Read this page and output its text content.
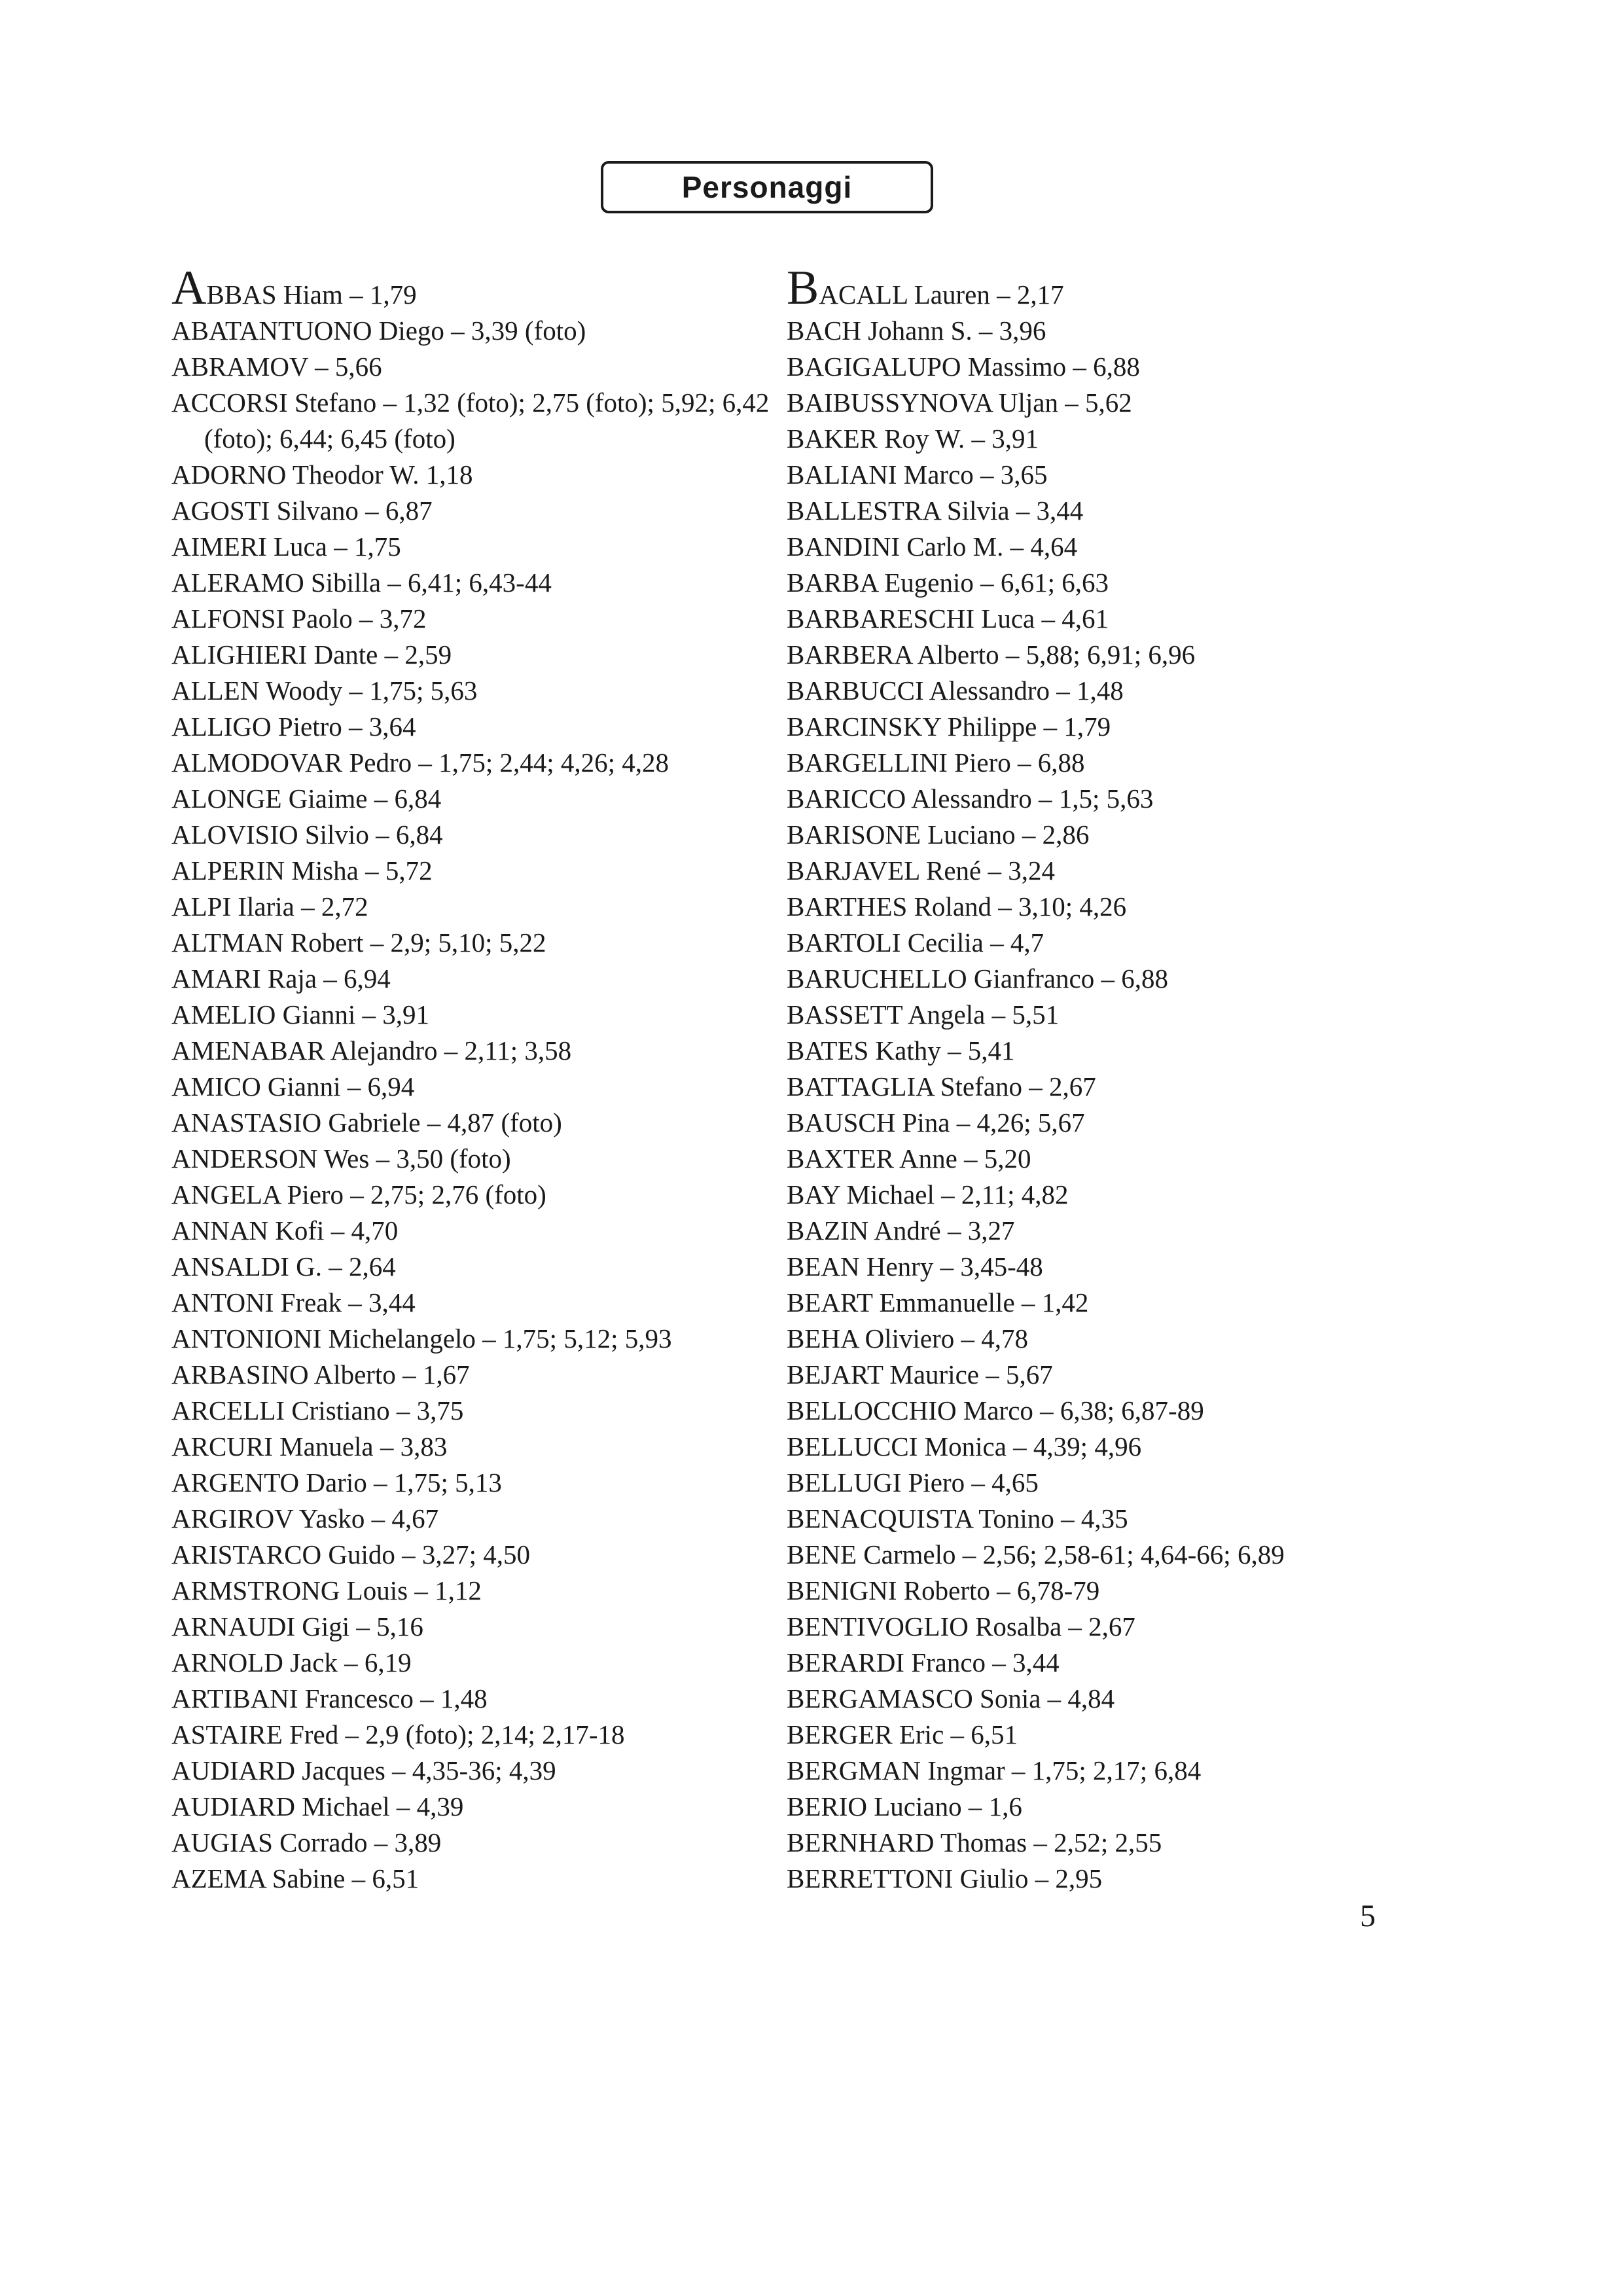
Personaggi

ABBAS Hiam – 1,79

ABATANTUONO Diego – 3,39 (foto)

ABRAMOV – 5,66

ACCORSI Stefano – 1,32 (foto); 2,75 (foto); 5,92; 6,42 (foto); 6,44; 6,45 (foto)

ADORNO Theodor W. 1,18

AGOSTI Silvano – 6,87

AIMERI Luca – 1,75

ALERAMO Sibilla – 6,41; 6,43-44

ALFONSI Paolo – 3,72

ALIGHIERI Dante – 2,59

ALLEN Woody – 1,75; 5,63

ALLIGO Pietro – 3,64

ALMODOVAR Pedro – 1,75; 2,44; 4,26; 4,28

ALONGE Giaime – 6,84

ALOVISIO Silvio – 6,84

ALPERIN Misha – 5,72

ALPI Ilaria – 2,72

ALTMAN Robert – 2,9; 5,10; 5,22

AMARI Raja – 6,94

AMELIO Gianni – 3,91

AMENABAR Alejandro – 2,11; 3,58

AMICO Gianni – 6,94

ANASTASIO Gabriele – 4,87 (foto)

ANDERSON Wes – 3,50 (foto)

ANGELA Piero – 2,75; 2,76 (foto)

ANNAN Kofi – 4,70

ANSALDI G. – 2,64

ANTONI Freak – 3,44

ANTONIONI Michelangelo – 1,75; 5,12; 5,93

ARBASINO Alberto – 1,67

ARCELLI Cristiano – 3,75

ARCURI Manuela – 3,83

ARGENTO Dario – 1,75; 5,13

ARGIROV Yasko – 4,67

ARISTARCO Guido – 3,27; 4,50

ARMSTRONG Louis – 1,12

ARNAUDI Gigi – 5,16

ARNOLD Jack – 6,19

ARTIBANI Francesco – 1,48

ASTAIRE Fred – 2,9 (foto); 2,14; 2,17-18

AUDIARD Jacques – 4,35-36; 4,39

AUDIARD Michael – 4,39

AUGIAS Corrado – 3,89

AZEMA Sabine – 6,51

BACALL Lauren – 2,17

BACH Johann S. – 3,96

BAGIGALUPO Massimo – 6,88

BAIBUSSYNOVA Uljan – 5,62

BAKER Roy W. – 3,91

BALIANI Marco – 3,65

BALLESTRA Silvia – 3,44

BANDINI Carlo M. – 4,64

BARBA Eugenio – 6,61; 6,63

BARBARESCHI Luca – 4,61

BARBERA Alberto – 5,88; 6,91; 6,96

BARBUCCI Alessandro – 1,48

BARCINSKY Philippe – 1,79

BARGELLINI Piero – 6,88

BARICCO Alessandro – 1,5; 5,63

BARISONE Luciano – 2,86

BARJAVEL René – 3,24

BARTHES Roland – 3,10; 4,26

BARTOLI Cecilia – 4,7

BARUCHELLO Gianfranco – 6,88

BASSETT Angela – 5,51

BATES Kathy – 5,41

BATTAGLIA Stefano – 2,67

BAUSCH Pina – 4,26; 5,67

BAXTER Anne – 5,20

BAY Michael – 2,11; 4,82

BAZIN André – 3,27

BEAN Henry – 3,45-48

BEART Emmanuelle – 1,42

BEHA Oliviero – 4,78

BEJART Maurice – 5,67

BELLOCCHIO Marco – 6,38; 6,87-89

BELLUCCI Monica – 4,39; 4,96

BELLUGI Piero – 4,65

BENACQUISTA Tonino – 4,35

BENE Carmelo – 2,56; 2,58-61; 4,64-66; 6,89

BENIGNI Roberto – 6,78-79

BENTIVOGLIO Rosalba – 2,67

BERARDI Franco – 3,44

BERGAMASCO Sonia – 4,84

BERGER Eric – 6,51

BERGMAN Ingmar – 1,75; 2,17; 6,84

BERIO Luciano – 1,6

BERNHARD Thomas – 2,52; 2,55

BERRETTONI Giulio – 2,95

5
